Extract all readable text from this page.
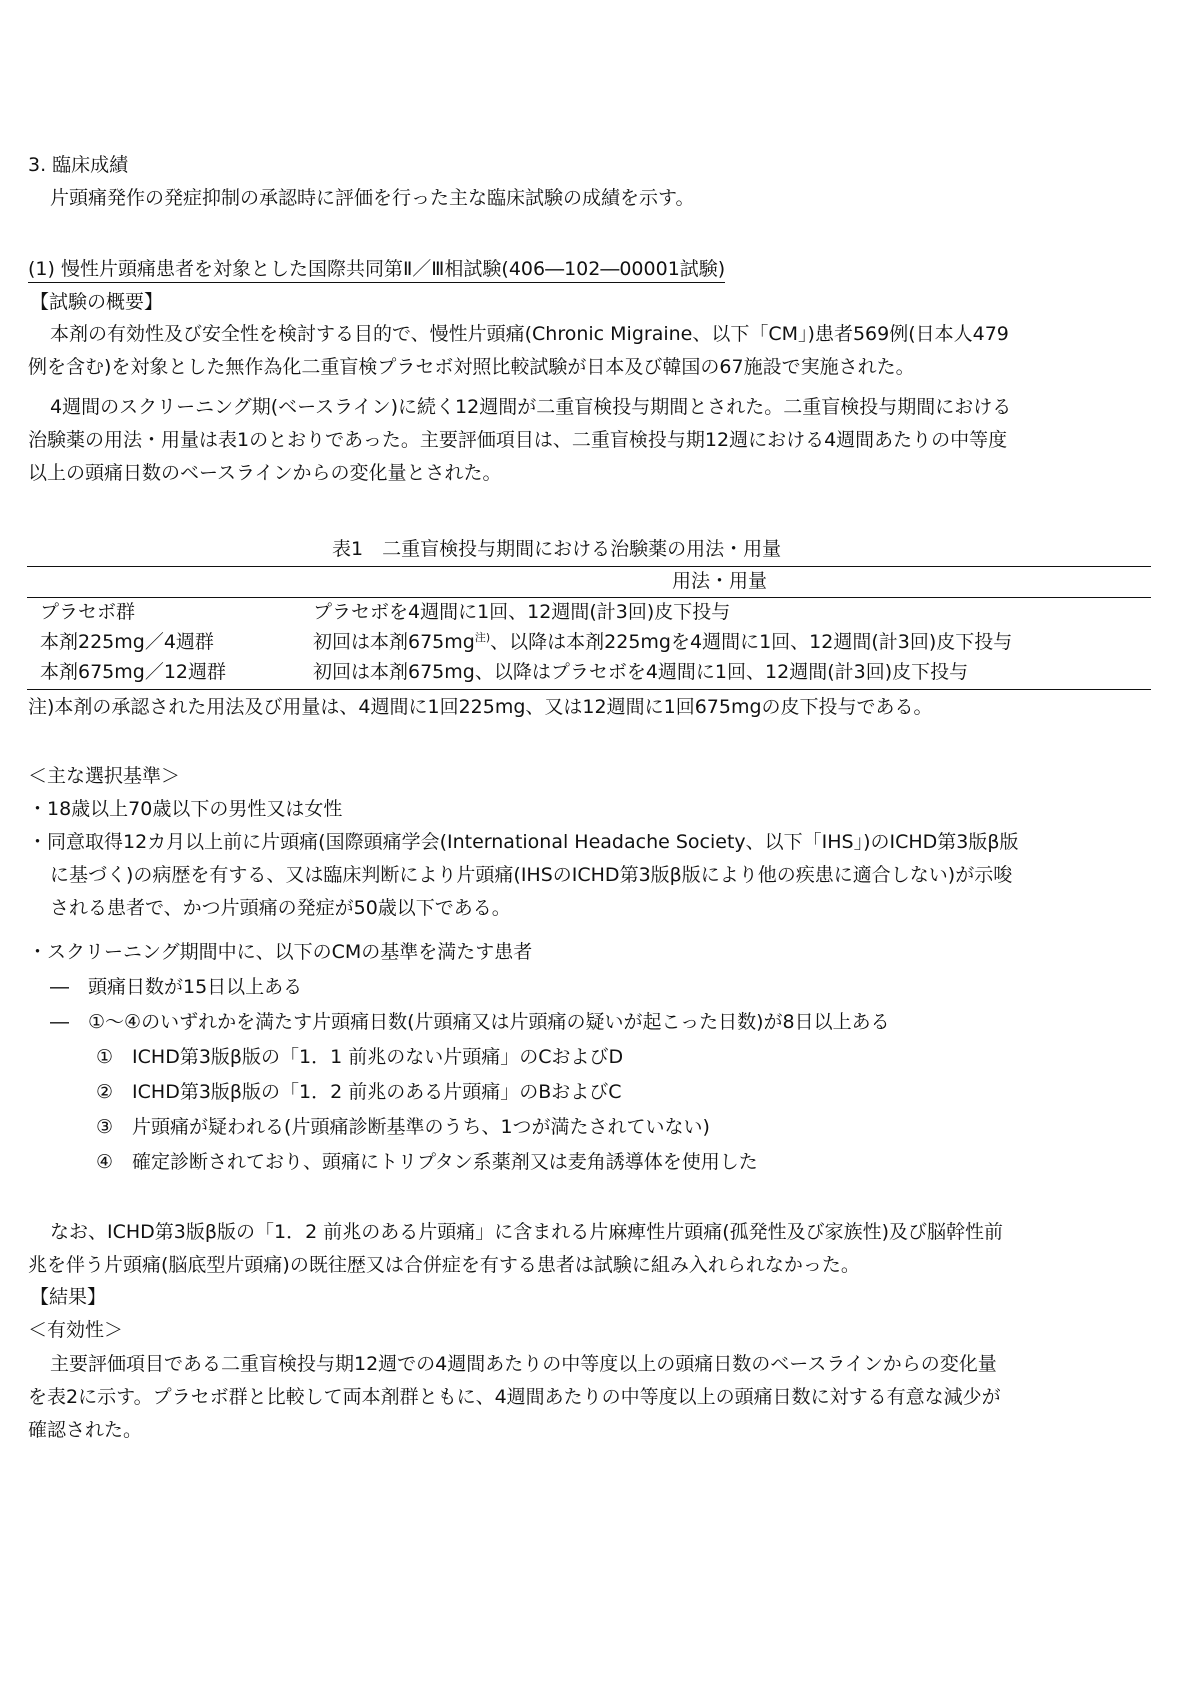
3. 臨床成績
片頭痛発作の発症抑制の承認時に評価を行った主な臨床試験の成績を示す。
(1) 慢性片頭痛患者を対象とした国際共同第Ⅱ／Ⅲ相試験(406―102―00001試験)
【試験の概要】
本剤の有効性及び安全性を検討する目的で、慢性片頭痛(Chronic Migraine、以下「CM」)患者569例(日本人479
例を含む)を対象とした無作為化二重盲検プラセボ対照比較試験が日本及び韓国の67施設で実施された。
4週間のスクリーニング期(ベースライン)に続く12週間が二重盲検投与期間とされた。二重盲検投与期間における
治験薬の用法・用量は表1のとおりであった。主要評価項目は、二重盲検投与期12週における4週間あたりの中等度
以上の頭痛日数のベースラインからの変化量とされた。
表1　二重盲検投与期間における治験薬の用法・用量
用法・用量
プラセボ群	プラセボを4週間に1回、12週間(計3回)皮下投与
本剤225mg／4週群	初回は本剤$675mg^{注)}$、以降は本剤225mgを4週間に1回、12週間(計3回)皮下投与
本剤675mg／12週群	初回は本剤675mg、以降はプラセボを4週間に1回、12週間(計3回)皮下投与
注)本剤の承認された用法及び用量は、4週間に1回225mg、又は12週間に1回675mgの皮下投与である。
＜主な選択基準＞
・18歳以上70歳以下の男性又は女性
・同意取得12カ月以上前に片頭痛(国際頭痛学会(International Headache Society、以下「IHS」)のICHD第3版β版
に基づく)の病歴を有する、又は臨床判断により片頭痛(IHSのICHD第3版β版により他の疾患に適合しない)が示唆
される患者で、かつ片頭痛の発症が50歳以下である。
・スクリーニング期間中に、以下のCMの基準を満たす患者
―　頭痛日数が15日以上ある
―　①～④のいずれかを満たす片頭痛日数(片頭痛又は片頭痛の疑いが起こった日数)が8日以上ある
①　ICHD第3版β版の「1．1 前兆のない片頭痛」のCおよびD
②　ICHD第3版β版の「1．2 前兆のある片頭痛」のBおよびC
③　片頭痛が疑われる(片頭痛診断基準のうち、1つが満たされていない)
④　確定診断されており、頭痛にトリプタン系薬剤又は麦角誘導体を使用した
なお、ICHD第3版β版の「1．2 前兆のある片頭痛」に含まれる片麻痺性片頭痛(孤発性及び家族性)及び脳幹性前
兆を伴う片頭痛(脳底型片頭痛)の既往歴又は合併症を有する患者は試験に組み入れられなかった。
【結果】
＜有効性＞
主要評価項目である二重盲検投与期12週での4週間あたりの中等度以上の頭痛日数のベースラインからの変化量
を表2に示す。プラセボ群と比較して両本剤群ともに、4週間あたりの中等度以上の頭痛日数に対する有意な減少が
確認された。
